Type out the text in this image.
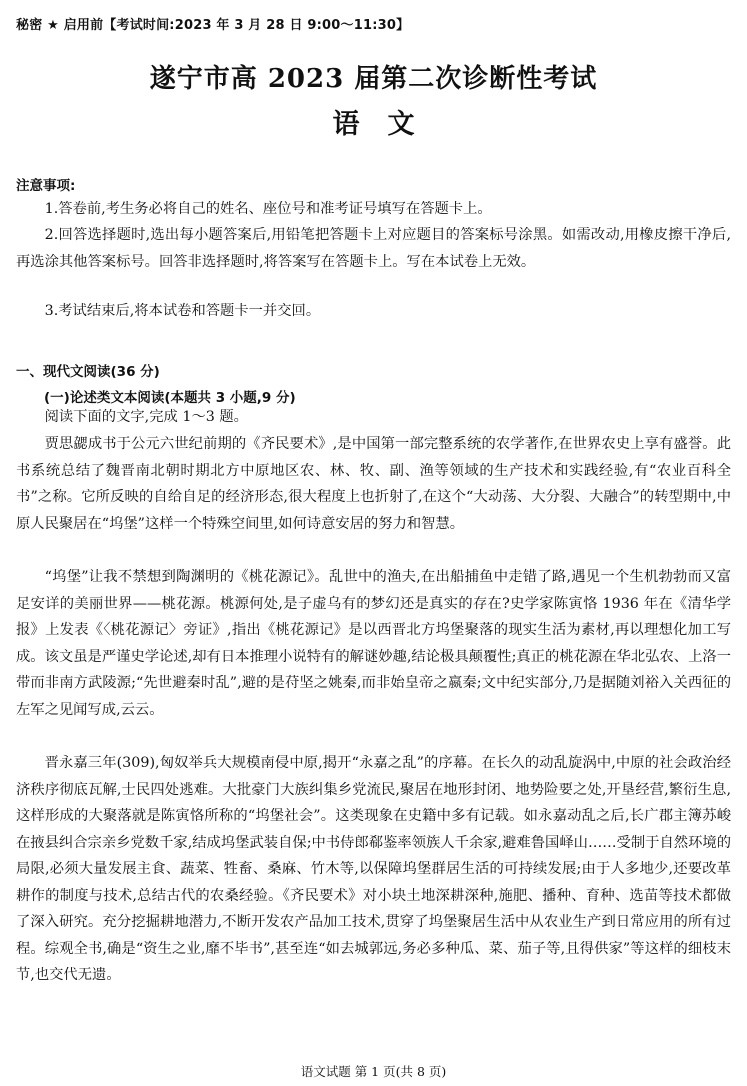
秘密 ★ 启用前【考试时间:2023 年 3 月 28 日 9:00～11:30】
遂宁市高 2023 届第二次诊断性考试
语文
注意事项:
1.答卷前,考生务必将自己的姓名、座位号和准考证号填写在答题卡上。
2.回答选择题时,选出每小题答案后,用铅笔把答题卡上对应题目的答案标号涂黑。如需改动,用橡皮擦干净后,再选涂其他答案标号。回答非选择题时,将答案写在答题卡上。写在本试卷上无效。
3.考试结束后,将本试卷和答题卡一并交回。
一、现代文阅读(36 分)
(一)论述类文本阅读(本题共 3 小题,9 分)
阅读下面的文字,完成 1～3 题。
贾思勰成书于公元六世纪前期的《齐民要术》,是中国第一部完整系统的农学著作,在世界农史上享有盛誉。此书系统总结了魏晋南北朝时期北方中原地区农、林、牧、副、渔等领域的生产技术和实践经验,有“农业百科全书”之称。它所反映的自给自足的经济形态,很大程度上也折射了,在这个“大动荡、大分裂、大融合”的转型期中,中原人民聚居在“坞堡”这样一个特殊空间里,如何诗意安居的努力和智慧。
“坞堡”让我不禁想到陶渊明的《桃花源记》。乱世中的渔夫,在出船捕鱼中走错了路,遇见一个生机勃勃而又富足安详的美丽世界——桃花源。桃源何处,是子虚乌有的梦幻还是真实的存在?史学家陈寅恪 1936 年在《清华学报》上发表《〈桃花源记〉旁证》,指出《桃花源记》是以西晋北方坞堡聚落的现实生活为素材,再以理想化加工写成。该文虽是严谨史学论述,却有日本推理小说特有的解谜妙趣,结论极具颠覆性;真正的桃花源在华北弘农、上洛一带而非南方武陵源;“先世避秦时乱”,避的是苻坚之姚秦,而非始皇帝之嬴秦;文中纪实部分,乃是据随刘裕入关西征的左军之见闻写成,云云。
晋永嘉三年(309),匈奴举兵大规模南侵中原,揭开“永嘉之乱”的序幕。在长久的动乱旋涡中,中原的社会政治经济秩序彻底瓦解,士民四处逃难。大批豪门大族纠集乡党流民,聚居在地形封闭、地势险要之处,开垦经营,繁衍生息,这样形成的大聚落就是陈寅恪所称的“坞堡社会”。这类现象在史籍中多有记载。如永嘉动乱之后,长广郡主簿苏峻在掖县纠合宗亲乡党数千家,结成坞堡武装自保;中书侍郎郗鉴率领族人千余家,避难鲁国峄山……受制于自然环境的局限,必须大量发展主食、蔬菜、牲畜、桑麻、竹木等,以保障坞堡群居生活的可持续发展;由于人多地少,还要改革耕作的制度与技术,总结古代的农桑经验。《齐民要术》对小块土地深耕深种,施肥、播种、育种、选苗等技术都做了深入研究。充分挖掘耕地潜力,不断开发农产品加工技术,贯穿了坞堡聚居生活中从农业生产到日常应用的所有过程。综观全书,确是“资生之业,靡不毕书”,甚至连“如去城郭远,务必多种瓜、菜、茄子等,且得供家”等这样的细枝末节,也交代无遗。
语文试题 第 1 页(共 8 页)
